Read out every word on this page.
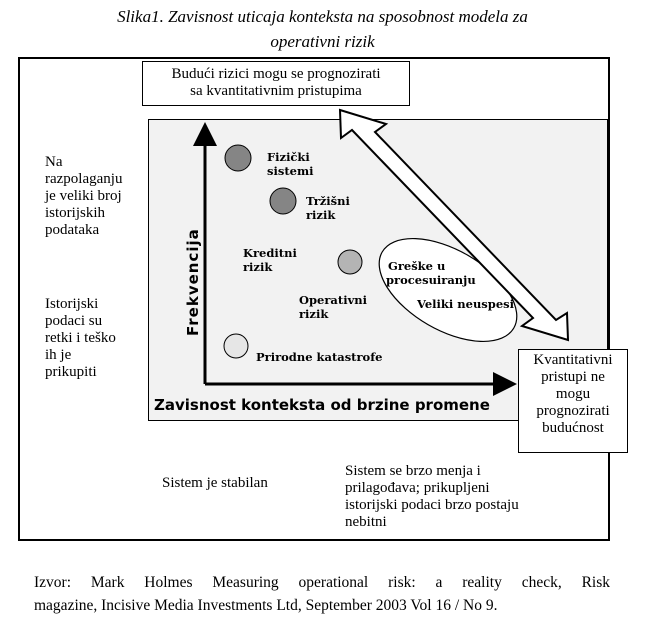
Slika1. Zavisnost uticaja konteksta na sposobnost modela za
operativni rizik
Budući rizici mogu se prognozirati
sa kvantitativnim pristupima
Kvantitativni
pristupi ne
mogu
prognozirati
budućnost
Na
razpolaganju
je veliki broj
istorijskih
podataka
Istorijski
podaci su
retki i teško
ih je
prikupiti
Frekvencija
Zavisnost konteksta od brzine promene
Fizički
sistemi
Tržišni
rizik
Kreditni
rizik	Greške u
procesuiranju
Operativni
rizik
Veliki neuspesi
Prirodne katastrofe
Sistem je stabilan
Sistem se brzo menja i
prilagođava; prikupljeni
istorijski podaci brzo postaju
nebitni
Izvor: Mark Holmes Measuring operational risk: a reality check, Risk
magazine, Incisive Media Investments Ltd, September 2003 Vol 16 / No 9.
